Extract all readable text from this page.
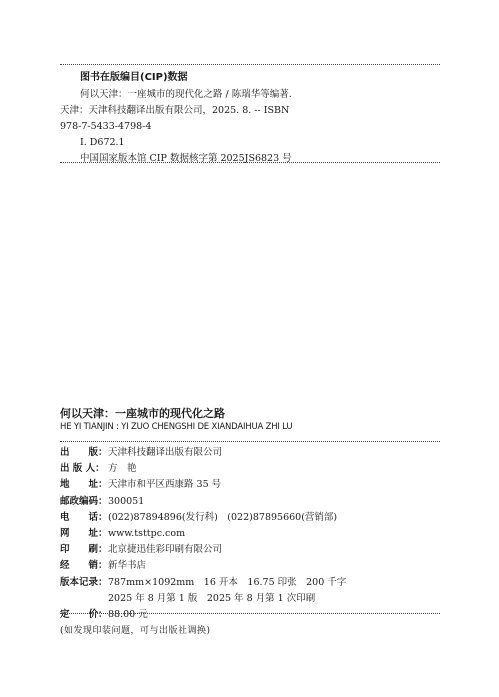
图书在版编目(CIP)数据
何以天津：一座城市的现代化之路 / 陈瑞华等编著.
天津：天津科技翻译出版有限公司，2025. 8. -- ISBN
978-7-5433-4798-4
I. D672.1
中国国家版本馆 CIP 数据核字第 2025JS6823 号
何以天津：一座城市的现代化之路
HE YI TIANJIN : YI ZUO CHENGSHI DE XIANDAIHUA ZHI LU
出　　版： 天津科技翻译出版有限公司
出 版 人： 方　艳
地　　址： 天津市和平区西康路 35 号
邮政编码： 300051
电　　话： (022)87894896(发行科)　(022)87895660(营销部)
网　　址： www.tsttpc.com
印　　刷： 北京捷迅佳彩印刷有限公司
经　　销： 新华书店
版本记录： 787mm×1092mm　16 开本　16.75 印张　200 千字
2025 年 8 月第 1 版　2025 年 8 月第 1 次印刷
定　　价： 88.00 元
(如发现印装问题，可与出版社调换)
